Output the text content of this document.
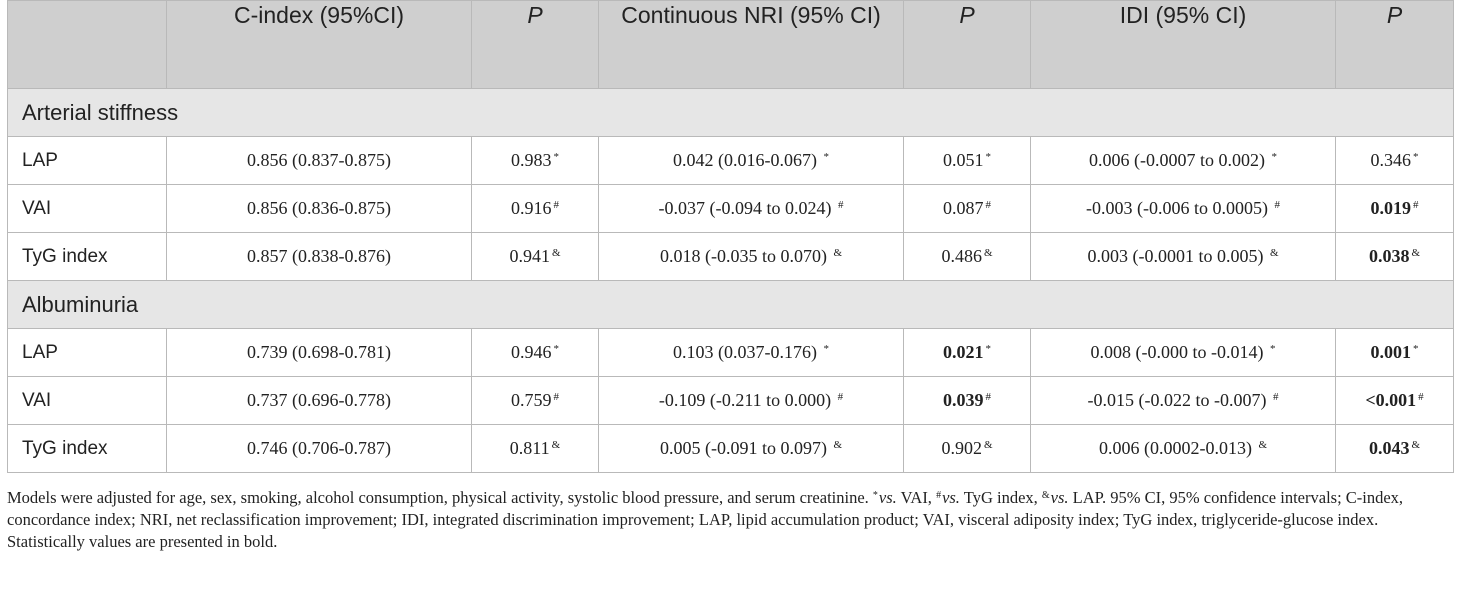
	C-index (95%CI)	P	Continuous NRI (95% CI)	P	IDI (95% CI)	P
Arterial stiffness						
LAP	0.856 (0.837-0.875)	0.983 *	0.042 (0.016-0.067) *	0.051 *	0.006 (-0.0007 to 0.002) *	0.346 *
VAI	0.856 (0.836-0.875)	0.916 #	-0.037 (-0.094 to 0.024) #	0.087 #	-0.003 (-0.006 to 0.0005) #	0.019 #
TyG index	0.857 (0.838-0.876)	0.941 &	0.018 (-0.035 to 0.070) &	0.486 &	0.003 (-0.0001 to 0.005) &	0.038 &
Albuminuria						
LAP	0.739 (0.698-0.781)	0.946 *	0.103 (0.037-0.176) *	0.021 *	0.008 (-0.000 to -0.014) *	0.001 *
VAI	0.737 (0.696-0.778)	0.759 #	-0.109 (-0.211 to 0.000) #	0.039 #	-0.015 (-0.022 to -0.007) #	<0.001 #
TyG index	0.746 (0.706-0.787)	0.811 &	0.005 (-0.091 to 0.097) &	0.902 &	0.006 (0.0002-0.013) &	0.043 &

Models were adjusted for age, sex, smoking, alcohol consumption, physical activity, systolic blood pressure, and serum creatinine. *vs. VAI, #vs. TyG index, &vs. LAP. 95% CI, 95% confidence intervals; C-index, concordance index; NRI, net reclassification improvement; IDI, integrated discrimination improvement; LAP, lipid accumulation product; VAI, visceral adiposity index; TyG index, triglyceride-glucose index.

Statistically values are presented in bold.
